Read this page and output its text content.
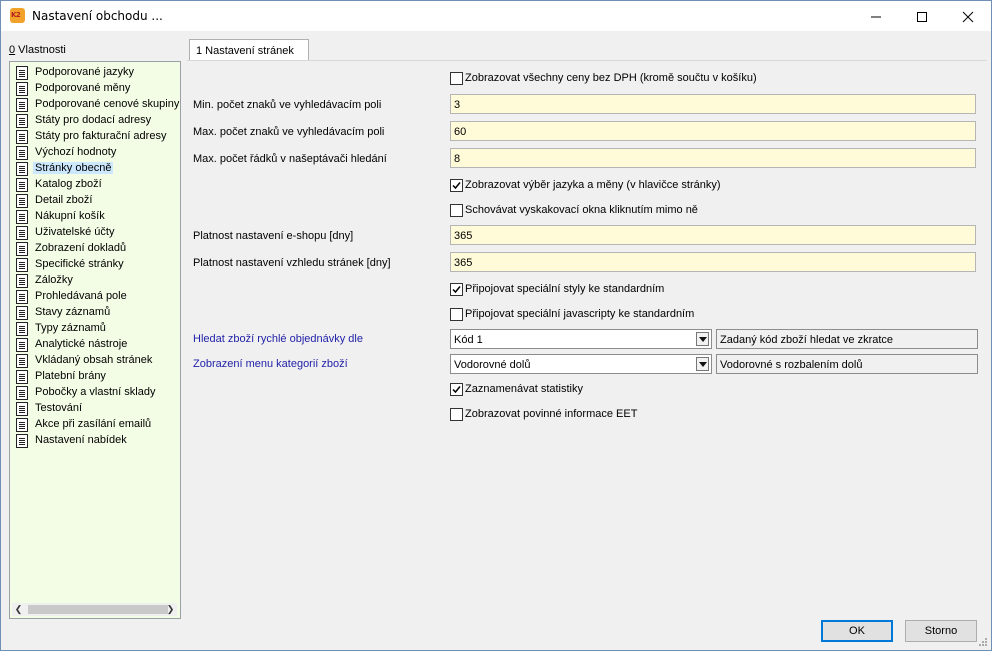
K2 Nastavení obchodu ...
0 Vlastnosti
Podporované jazyky
Podporované měny
Podporované cenové skupiny
Státy pro dodací adresy
Státy pro fakturační adresy
Výchozí hodnoty
Stránky obecně
Katalog zboží
Detail zboží
Nákupní košík
Uživatelské účty
Zobrazení dokladů
Specifické stránky
Záložky
Prohledávaná pole
Stavy záznamů
Typy záznamů
Analytické nástroje
Vkládaný obsah stránek
Platební brány
Pobočky a vlastní sklady
Testování
Akce při zasílání emailů
Nastavení nabídek
❮	❯
1 Nastavení stránek
Zobrazovat všechny ceny bez DPH (kromě součtu v košíku)
Min. počet znaků ve vyhledávacím poli	3
Max. počet znaků ve vyhledávacím poli	60
Max. počet řádků v našeptávači hledání	8
Zobrazovat výběr jazyka a měny (v hlavičce stránky)
Schovávat vyskakovací okna kliknutím mimo ně
Platnost nastavení e-shopu [dny]	365
Platnost nastavení vzhledu stránek [dny]	365
Připojovat speciální styly ke standardním
Připojovat speciální javascripty ke standardním
Hledat zboží rychlé objednávky dle	Kód 1	Zadaný kód zboží hledat ve zkratce
Zobrazení menu kategorií zboží	Vodorovné dolů	Vodorovné s rozbalením dolů
Zaznamenávat statistiky
Zobrazovat povinné informace EET
OK	Storno
